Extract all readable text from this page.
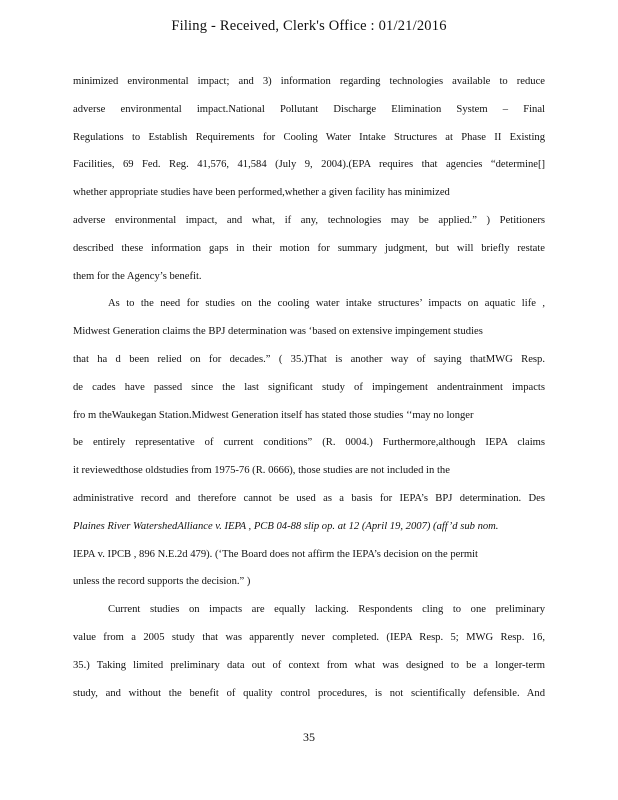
Filing - Received, Clerk's Office : 01/21/2016
minimized environmental impact; and 3) information regarding technologies available to reduce
adverse environmental impact.National Pollutant Discharge Elimination System – Final
Regulations to Establish Requirements for Cooling Water Intake Structures at Phase II Existing
Facilities, 69 Fed. Reg. 41,576, 41,584 (July 9, 2004).(EPA requires that agencies “determine[]
whether appropriate studies have been performed,whether a given facility has minimized
adverse environmental impact, and what, if any, technologies may be applied.” ) Petitioners
described these information gaps in their motion for summary judgment, but will briefly restate
them for the Agency’s benefit.
As to the need for studies on the cooling water intake structures’ impacts on aquatic life ,
Midwest Generation claims the BPJ determination was ‘based on extensive impingement studies
that ha d been relied on for decades.” ( 35.)That is another way of saying thatMWG Resp.
de cades have passed since the last significant study of impingement andentrainment impacts
fro m theWaukegan Station.Midwest Generation itself has stated those studies ‘‘may no longer
be entirely representative of current conditions” (R. 0004.) Furthermore,although IEPA claims
it reviewedthose oldstudies from 1975-76 (R. 0666), those studies are not included in the
administrative record and therefore cannot be used as a basis for IEPA’s BPJ determination. Des
Plaines River WatershedAlliance v. IEPA , PCB 04-88 slip op. at 12 (April 19, 2007) (aff’d sub nom.
IEPA v. IPCB , 896 N.E.2d 479). (‘The Board does not affirm the IEPA’s decision on the permit
unless the record supports the decision.” )
Current studies on impacts are equally lacking. Respondents cling to one preliminary
value from a 2005 study that was apparently never completed. (IEPA Resp. 5; MWG Resp. 16,
35.) Taking limited preliminary data out of context from what was designed to be a longer-term
study, and without the benefit of quality control procedures, is not scientifically defensible. And
35
